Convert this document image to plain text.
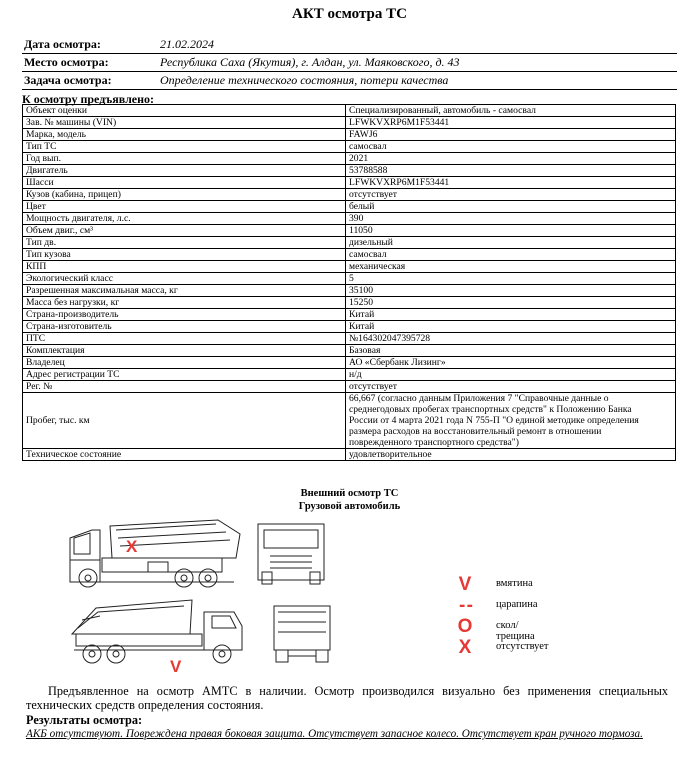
АКТ осмотра ТС
Дата осмотра:	21.02.2024
Место осмотра:	Республика Саха (Якутия), г. Алдан, ул. Маяковского, д. 43
Задача осмотра:	Определение технического состояния, потери качества
К осмотру предъявлено:
Объект оценки	Специализированный, автомобиль - самосвал
Зав. № машины (VIN)	LFWKVXRP6M1F53441
Марка, модель	FAWJ6
Тип ТС	самосвал
Год вып.	2021
Двигатель	53788588
Шасси	LFWKVXRP6M1F53441
Кузов (кабина, прицеп)	отсутствует
Цвет	белый
Мощность двигателя, л.с.	390
Объем двиг., см³	11050
Тип дв.	дизельный
Тип кузова	самосвал
КПП	механическая
Экологический класс	5
Разрешенная максимальная масса, кг	35100
Масса без нагрузки, кг	15250
Страна-производитель	Китай
Страна-изготовитель	Китай
ПТС	№164302047395728
Комплектация	Базовая
Владелец	АО «Сбербанк Лизинг»
Адрес регистрации ТС	н/д
Рег. №	отсутствует
Пробег, тыс. км	66,667 (согласно данным Приложения 7 "Справочные данные о
среднегодовых пробегах транспортных средств" к Положению Банка
России от 4 марта 2021 года N 755-П "О единой методике определения
размера расходов на восстановительный ремонт в отношении
поврежденного транспортного средства")

Техническое состояние	удовлетворительное
Внешний осмотр ТС
Грузовой автомобиль
X
V
V	вмятина
- -	царапина
O	скол/трещина
X	отсутствует
Предъявленное на осмотр АМТС в наличии. Осмотр производился визуально без применения специальных технических средств определения состояния.
Результаты осмотра:
АКБ отсутствуют. Повреждена правая боковая защита. Отсутствует запасное колесо. Отсутствует кран ручного тормоза.
